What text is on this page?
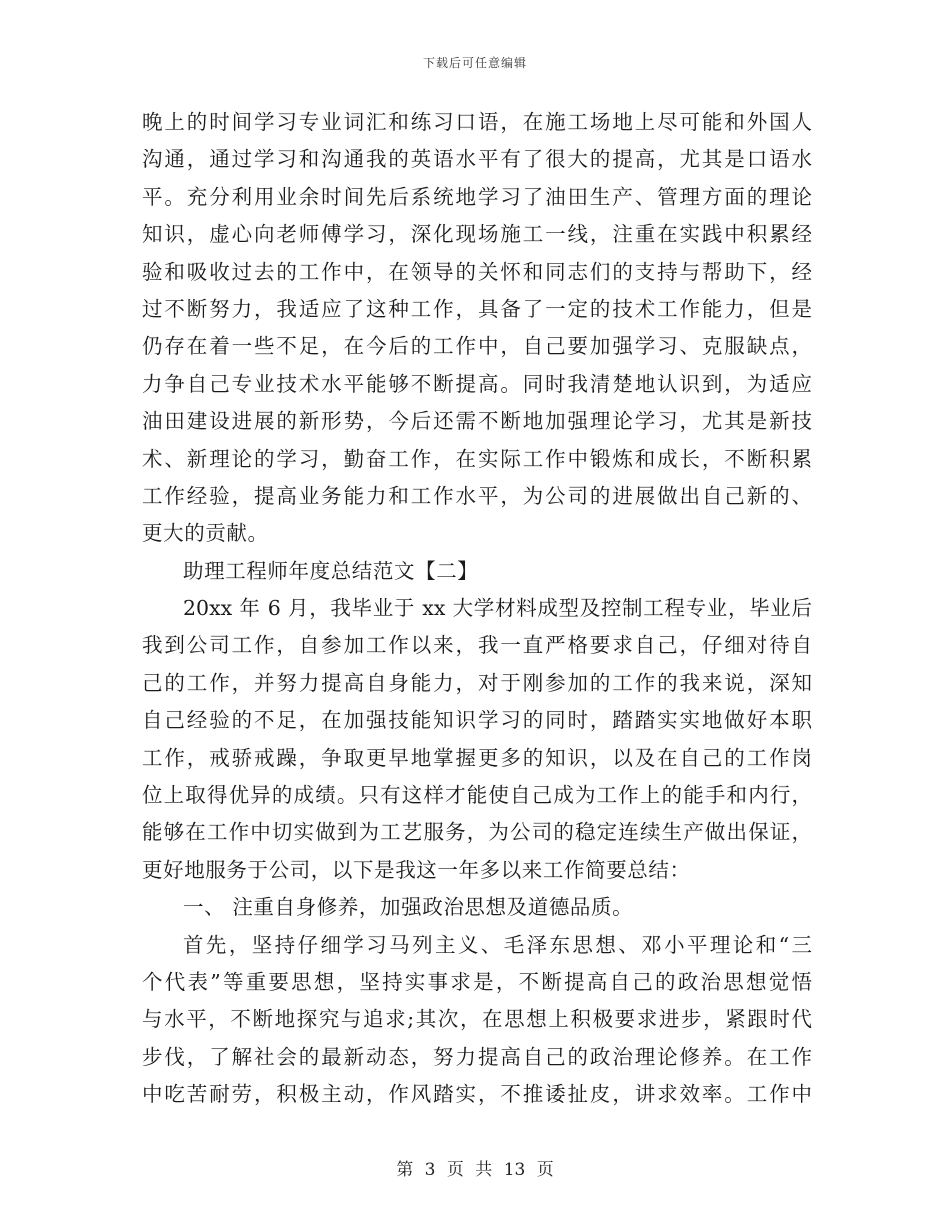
下载后可任意编辑
晚上的时间学习专业词汇和练习口语，在施工场地上尽可能和外国人
沟通，通过学习和沟通我的英语水平有了很大的提高，尤其是口语水
平。充分利用业余时间先后系统地学习了油田生产、管理方面的理论
知识，虚心向老师傅学习，深化现场施工一线，注重在实践中积累经
验和吸收过去的工作中，在领导的关怀和同志们的支持与帮助下，经
过不断努力，我适应了这种工作，具备了一定的技术工作能力，但是
仍存在着一些不足，在今后的工作中，自己要加强学习、克服缺点，
力争自己专业技术水平能够不断提高。同时我清楚地认识到，为适应
油田建设进展的新形势，今后还需不断地加强理论学习，尤其是新技
术、新理论的学习，勤奋工作，在实际工作中锻炼和成长，不断积累
工作经验，提高业务能力和工作水平，为公司的进展做出自己新的、
更大的贡献。
助理工程师年度总结范文【二】
20xx 年 6 月，我毕业于 xx 大学材料成型及控制工程专业，毕业后
我到公司工作，自参加工作以来，我一直严格要求自己，仔细对待自
己的工作，并努力提高自身能力，对于刚参加的工作的我来说，深知
自己经验的不足，在加强技能知识学习的同时，踏踏实实地做好本职
工作，戒骄戒躁，争取更早地掌握更多的知识，以及在自己的工作岗
位上取得优异的成绩。只有这样才能使自己成为工作上的能手和内行，
能够在工作中切实做到为工艺服务，为公司的稳定连续生产做出保证，
更好地服务于公司，以下是我这一年多以来工作简要总结：
一、 注重自身修养，加强政治思想及道德品质。
首先，坚持仔细学习马列主义、毛泽东思想、邓小平理论和“三
个代表”等重要思想，坚持实事求是，不断提高自己的政治思想觉悟
与水平，不断地探究与追求;其次，在思想上积极要求进步，紧跟时代
步伐，了解社会的最新动态，努力提高自己的政治理论修养。在工作
中吃苦耐劳，积极主动，作风踏实，不推诿扯皮，讲求效率。工作中
第 3 页 共 13 页
